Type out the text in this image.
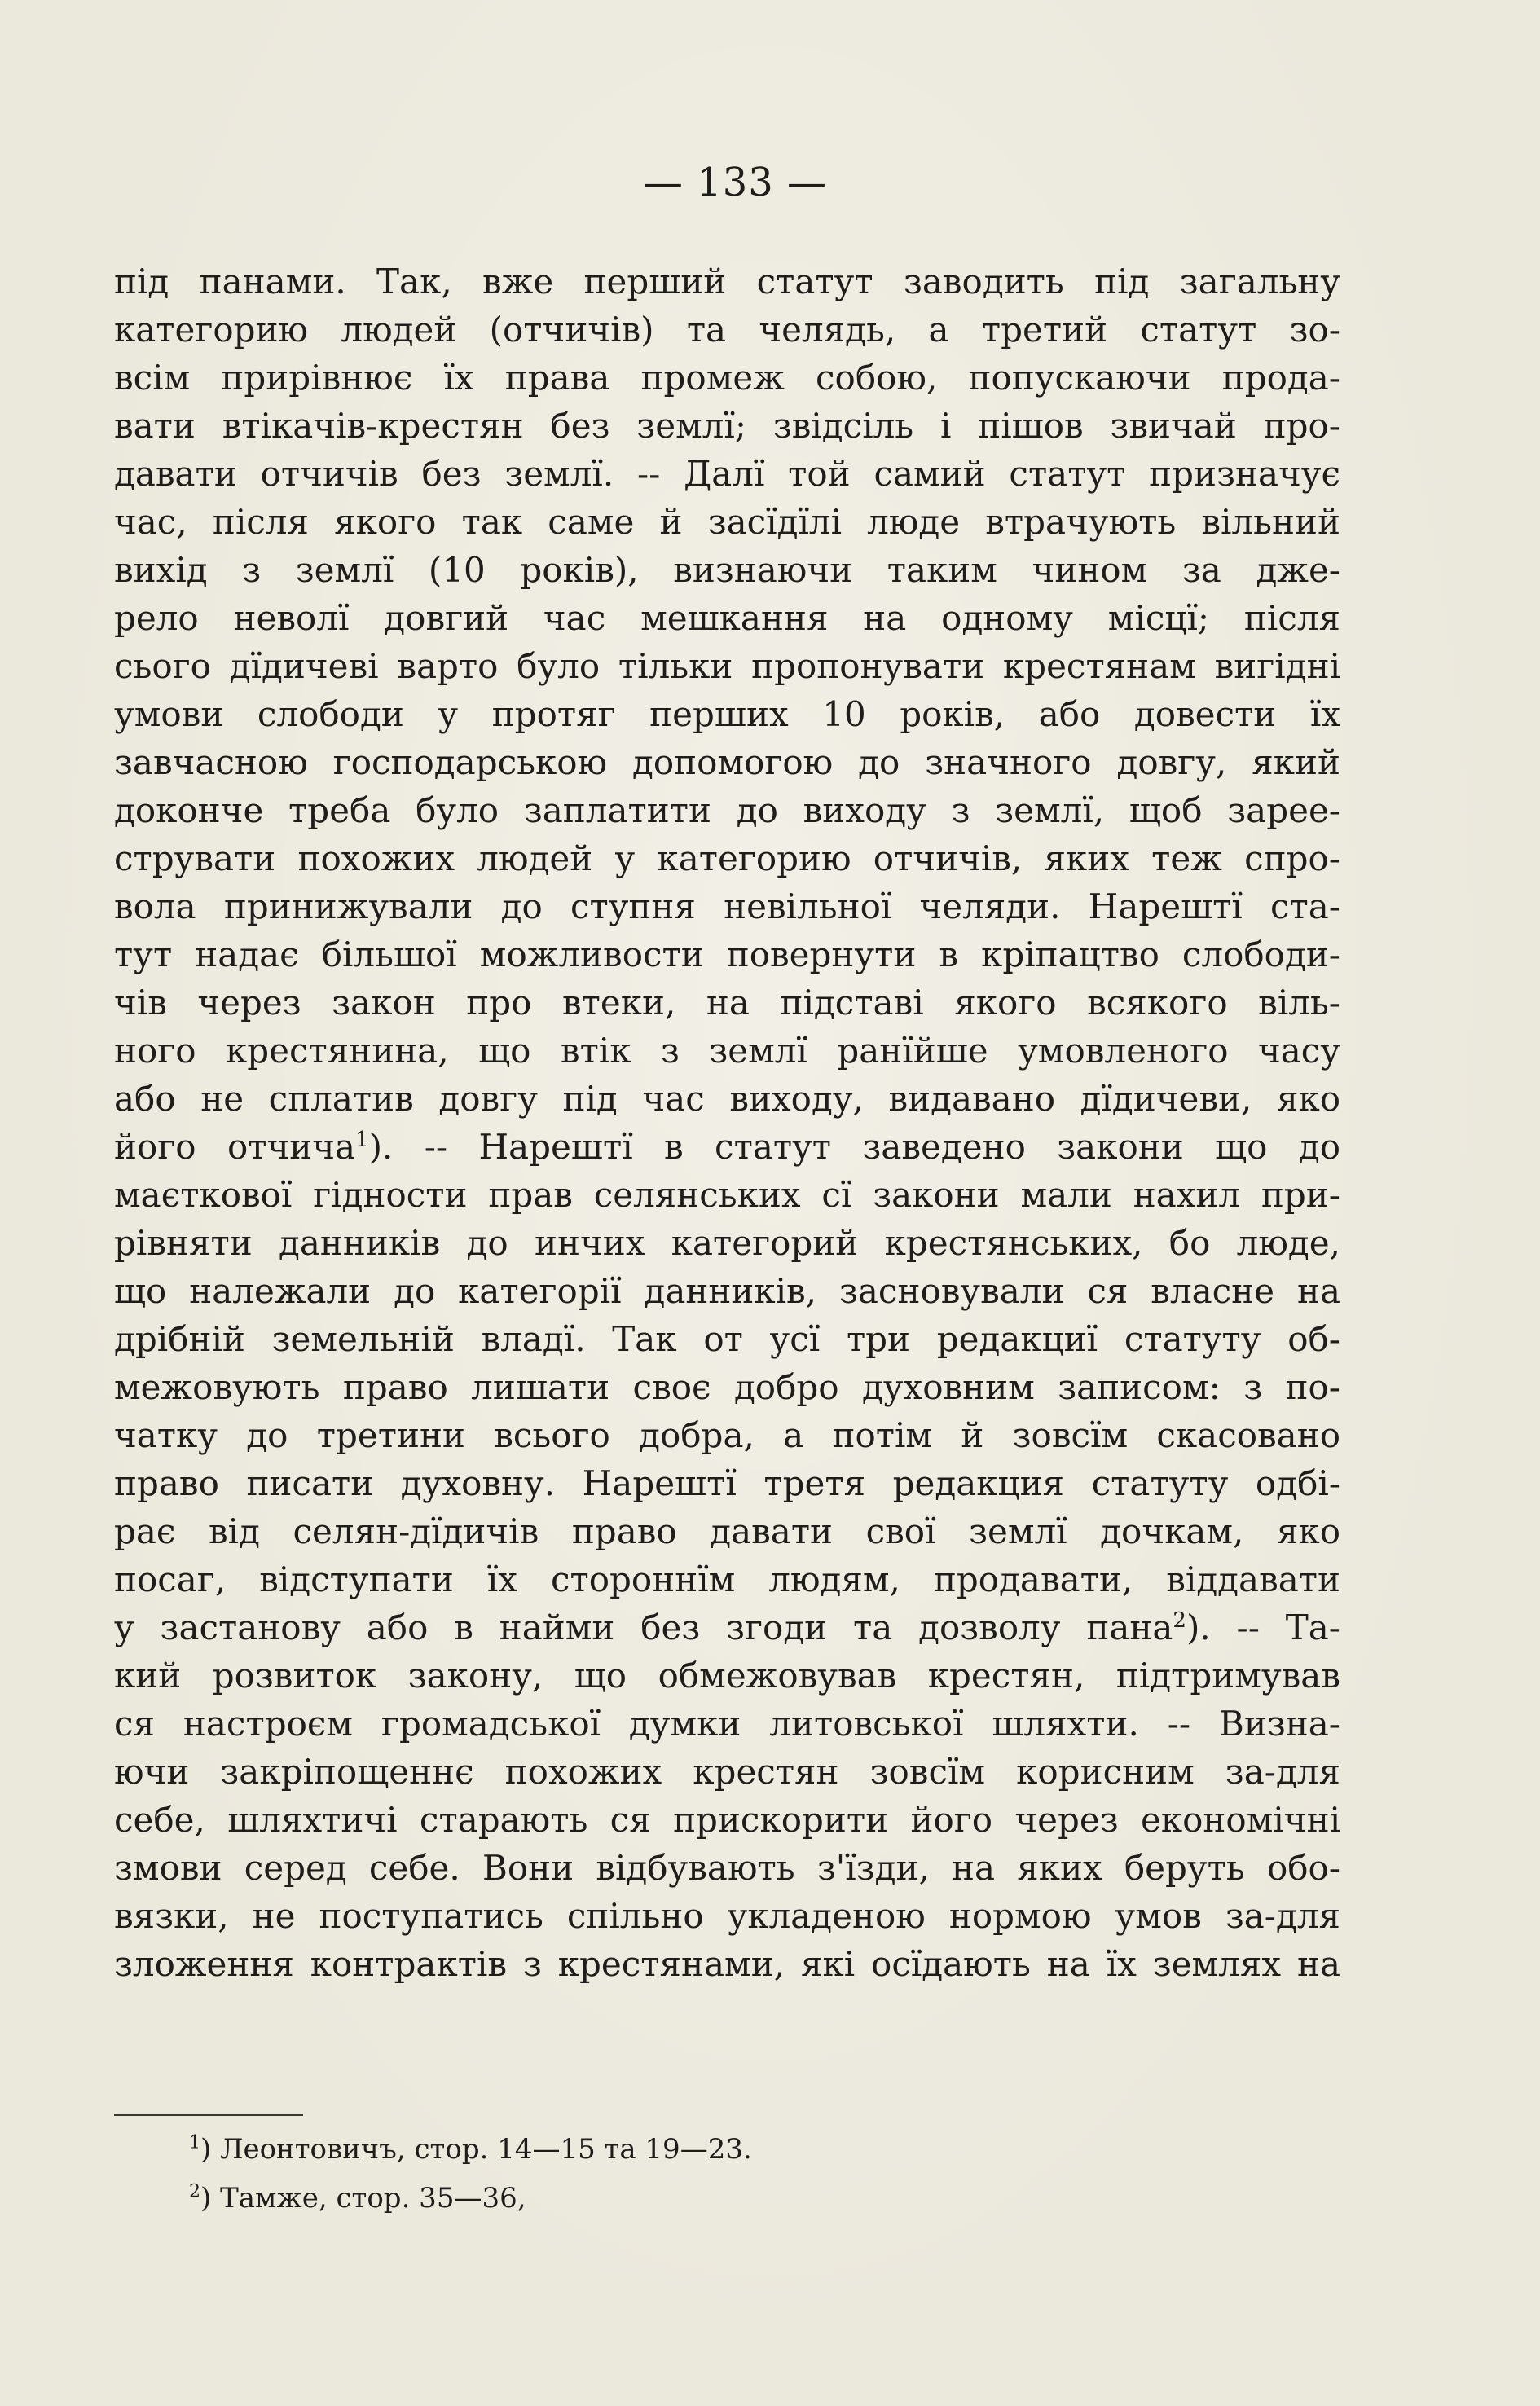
— 133 —
під панами. Так, вже перший статут заводить під загальну
категорию людей (отчичів) та челядь, а третий статут зо-
всім прирівнює їх права промеж собою, попускаючи прода-
вати втікачів-крестян без землї; звідсіль і пішов звичай про-
давати отчичів без землї. -- Далї той самий статут призначує
час, після якого так саме й засїдїлі люде втрачують вільний
вихід з землї (10 років), визнаючи таким чином за дже-
рело неволї довгий час мешкання на одному місцї; після
сього дїдичеві варто було тільки пропонувати крестянам вигідні
умови слободи у протяг перших 10 років, або довести їх
завчасною господарською допомогою до значного довгу, який
доконче треба було заплатити до виходу з землї, щоб зарее-
струвати похожих людей у категорию отчичів, яких теж спро-
вола принижували до ступня невільної челяди. Нарештї ста-
тут надає більшої можливости повернути в кріпацтво слободи-
чів через закон про втеки, на підставі якого всякого віль-
ного крестянина, що втік з землї ранїйше умовленого часу
або не сплатив довгу під час виходу, видавано дїдичеви, яко
його отчича$^1$). -- Нарештї в статут заведено закони що до
маєткової гідности прав селянських сї закони мали нахил при-
рівняти данників до инчих категорий крестянських, бо люде,
що належали до категорії данників, засновували ся власне на
дрібній земельній владї. Так от усї три редакциї статуту об-
межовують право лишати своє добро духовним записом: з по-
чатку до третини всього добра, а потім й зовсїм скасовано
право писати духовну. Нарештї третя редакция статуту одбі-
рає від селян-дїдичів право давати свої землї дочкам, яко
посаг, відступати їх стороннїм людям, продавати, віддавати
у застанову або в найми без згоди та дозволу пана$^2$). -- Та-
кий розвиток закону, що обмежовував крестян, підтримував
ся настроєм громадської думки литовської шляхти. -- Визна-
ючи закріпощеннє похожих крестян зовсїм корисним за-для
себе, шляхтичі старають ся прискорити його через економічні
змови серед себе. Вони відбувають з'їзди, на яких беруть обо-
вязки, не поступатись спільно укладеною нормою умов за-для
зложення контрактів з крестянами, які осїдають на їх землях на
$^1$) Леонтовичъ, стор. 14—15 та 19—23.
$^2$) Тамже, стор. 35—36,
